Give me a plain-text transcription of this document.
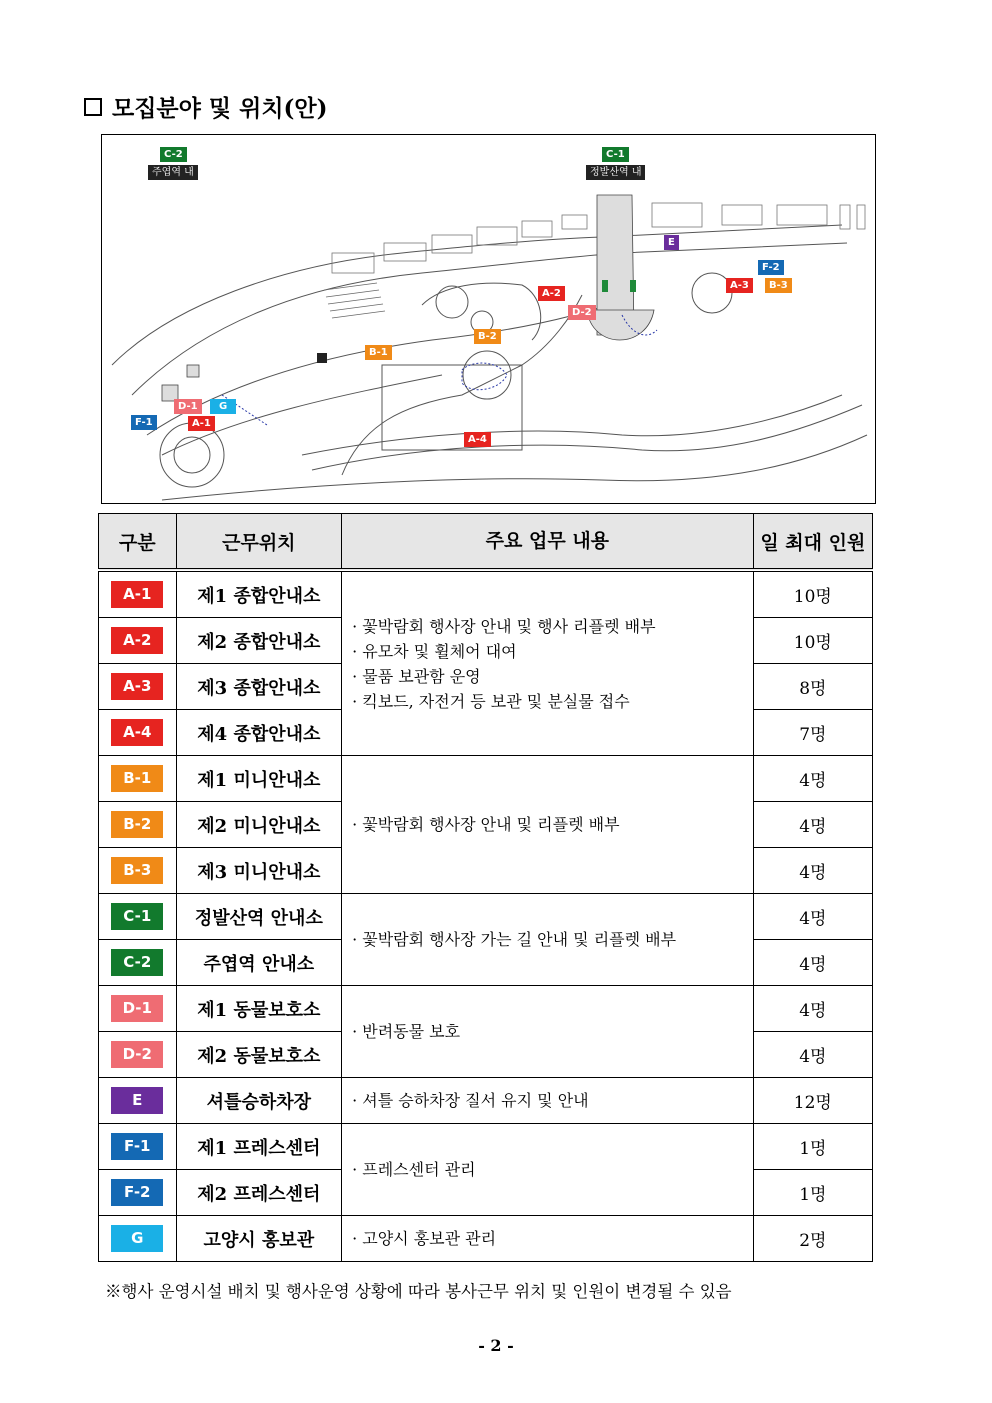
모집분야 및 위치(안)
C-2
주엽역 내
C-1
정발산역 내
E
F-2
A-3	B-3
A-2
D-2
B-2
B-1
D-1	G
F-1	A-1
A-4
구분	근무위치	주요 업무 내용	일 최대 인원
A-1	제1 종합안내소	· 꽃박람회 행사장 안내 및 행사 리플렛 배부
· 유모차 및 휠체어 대여
· 물품 보관함 운영
· 킥보드, 자전거 등 보관 및 분실물 접수	10명
A-2	제2 종합안내소		10명
A-3	제3 종합안내소		8명
A-4	제4 종합안내소		7명
B-1	제1 미니안내소	· 꽃박람회 행사장 안내 및 리플렛 배부	4명
B-2	제2 미니안내소		4명
B-3	제3 미니안내소		4명
C-1	정발산역 안내소	· 꽃박람회 행사장 가는 길 안내 및 리플렛 배부	4명
C-2	주엽역 안내소		4명
D-1	제1 동물보호소	· 반려동물 보호	4명
D-2	제2 동물보호소		4명
E	셔틀승하차장	· 셔틀 승하차장 질서 유지 및 안내	12명
F-1	제1 프레스센터	· 프레스센터 관리	1명
F-2	제2 프레스센터		1명
G	고양시 홍보관	· 고양시 홍보관 관리	2명
※행사 운영시설 배치 및 행사운영 상황에 따라 봉사근무 위치 및 인원이 변경될 수 있음
- 2 -
